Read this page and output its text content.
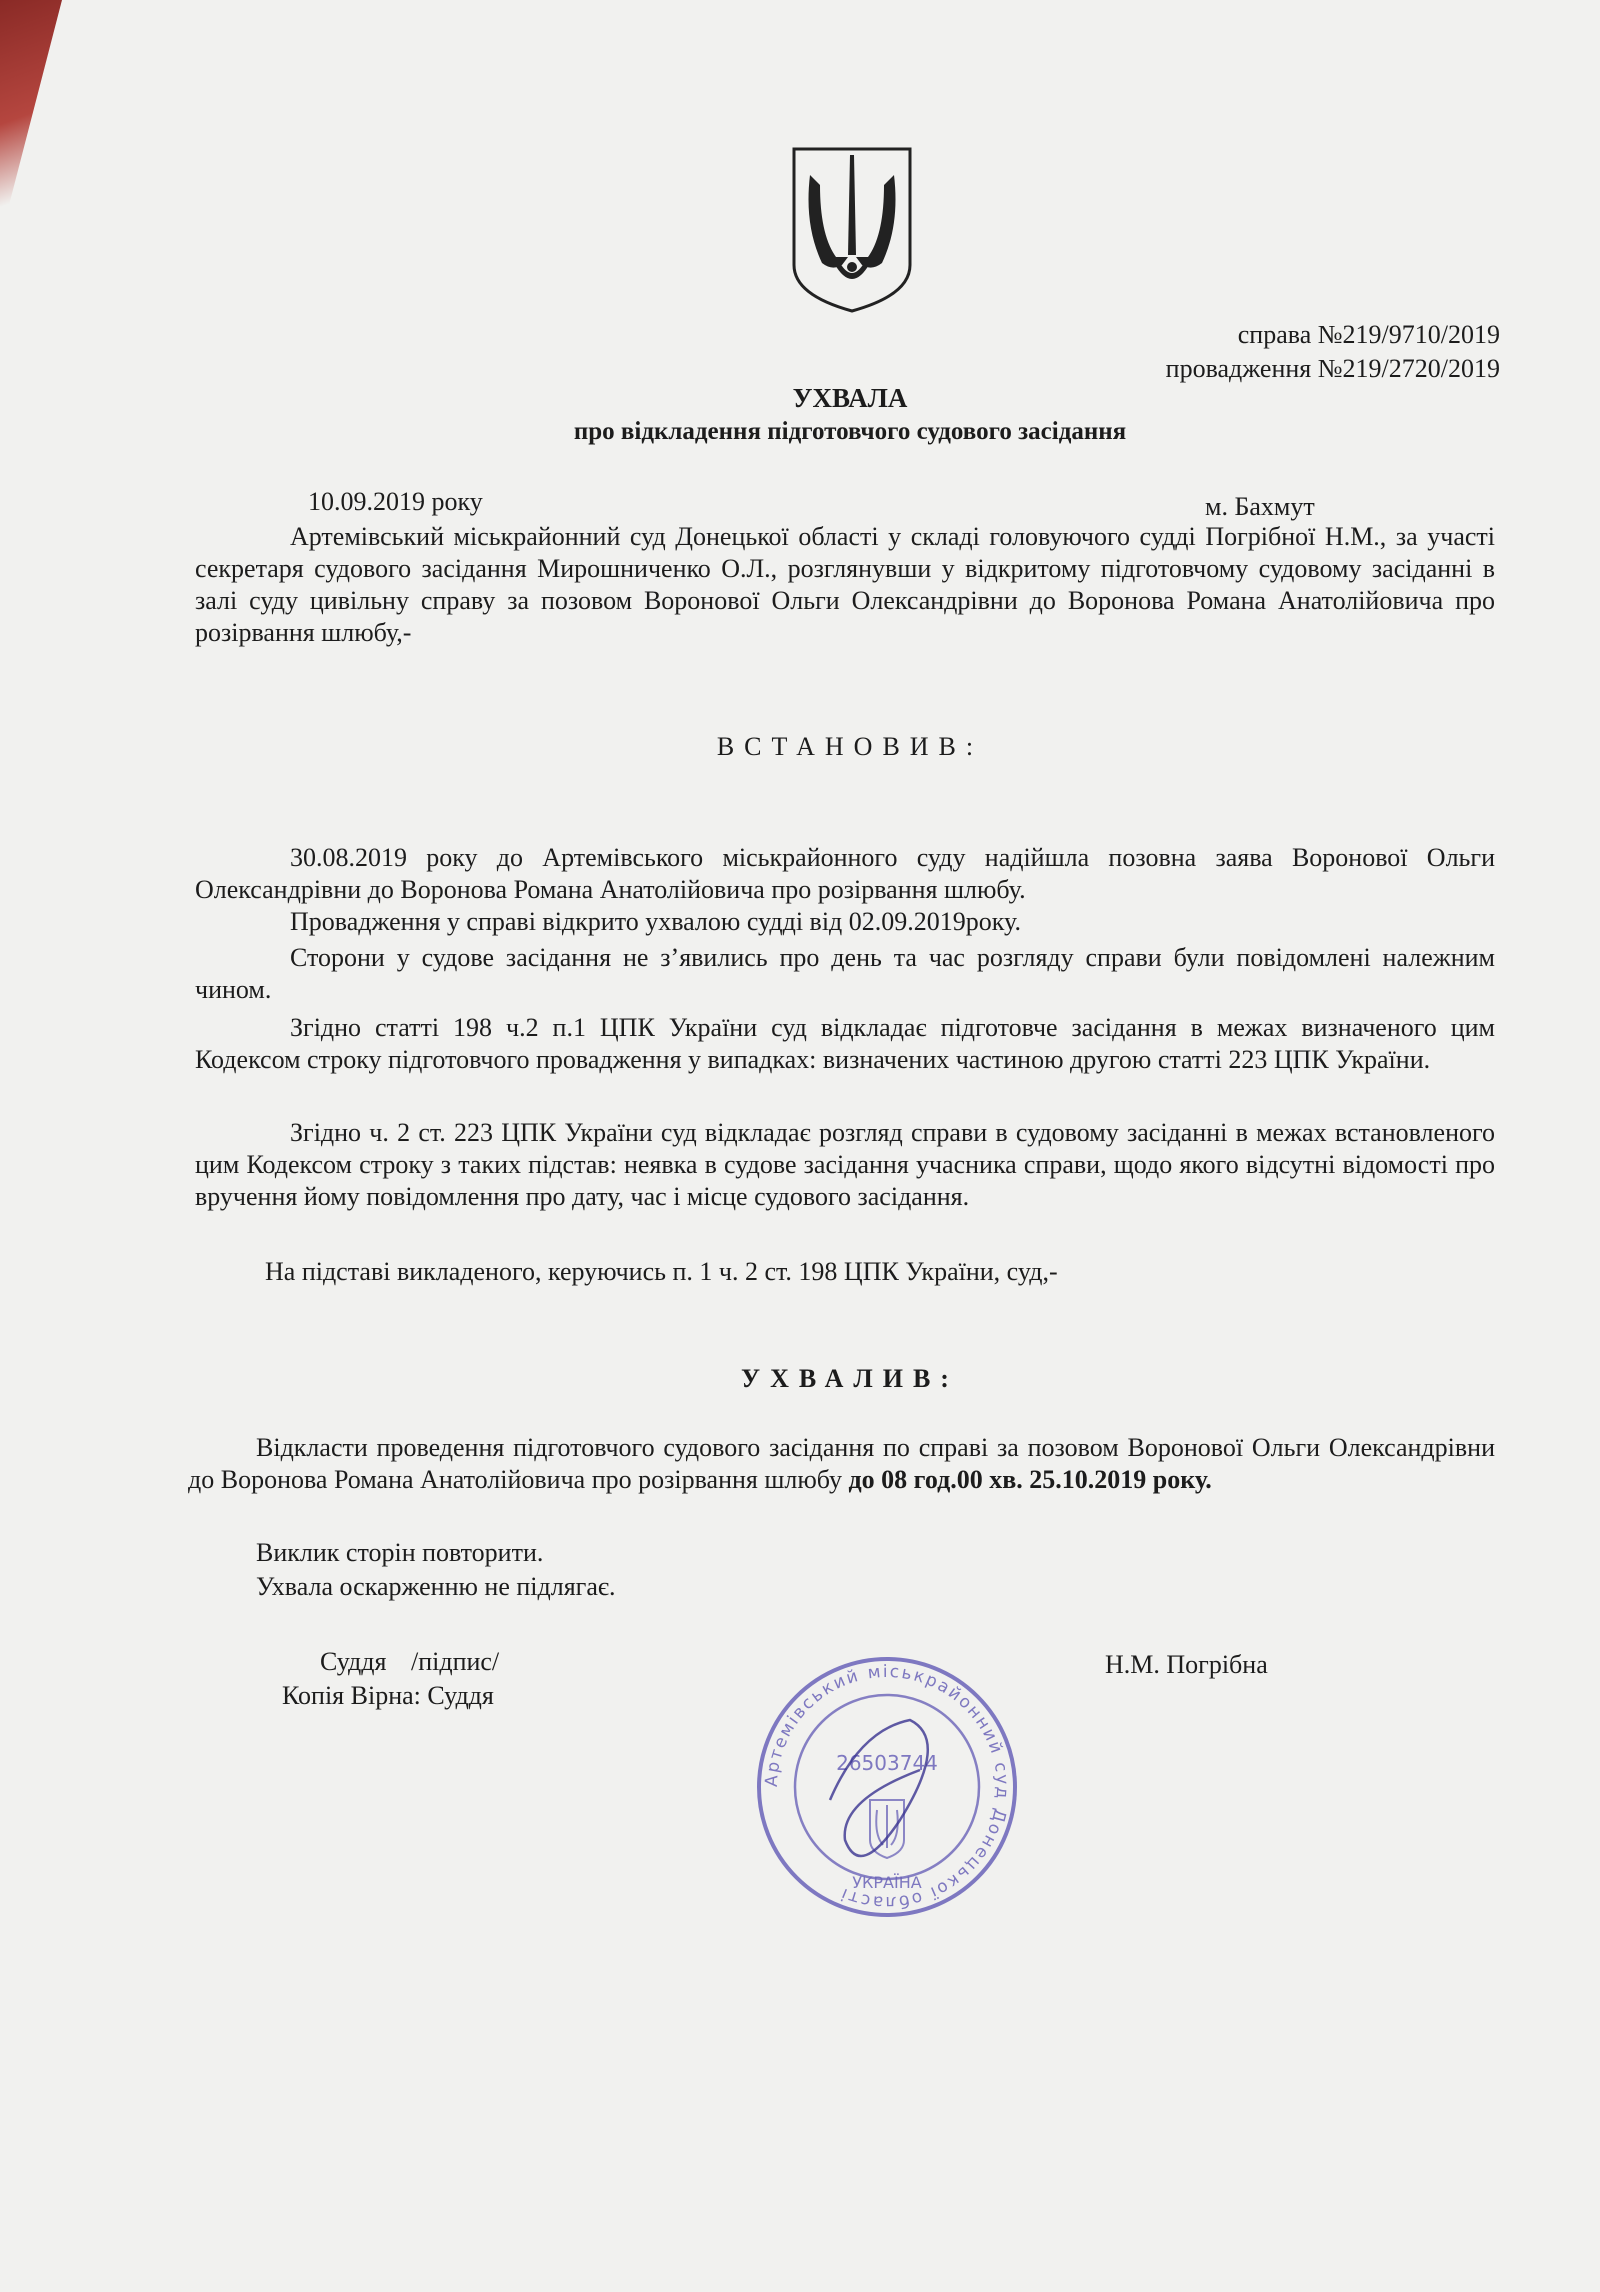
справа №219/9710/2019
провадження №219/2720/2019
УХВАЛА
про відкладення підготовчого судового засідання
10.09.2019 року	м. Бахмут
Артемівський міськрайонний суд Донецької області у складі головуючого судді Погрібної Н.М., за участі секретаря судового засідання Мирошниченко О.Л., розглянувши у відкритому підготовчому судовому засіданні в залі суду цивільну справу за позовом Воронової Ольги Олександрівни до Воронова Романа Анатолійовича про розірвання шлюбу,-
ВСТАНОВИВ:
30.08.2019 року до Артемівського міськрайонного суду надійшла позовна заява Воронової Ольги Олександрівни до Воронова Романа Анатолійовича про розірвання шлюбу.
Провадження у справі відкрито ухвалою судді від 02.09.2019року.
Сторони у судове засідання не з’явились про день та час розгляду справи були повідомлені належним чином.
Згідно статті 198 ч.2 п.1 ЦПК України суд відкладає підготовче засідання в межах визначеного цим Кодексом строку підготовчого провадження у випадках: визначених частиною другою статті 223 ЦПК України.
Згідно ч. 2 ст. 223 ЦПК України суд відкладає розгляд справи в судовому засіданні в межах встановленого цим Кодексом строку з таких підстав: неявка в судове засідання учасника справи, щодо якого відсутні відомості про вручення йому повідомлення про дату, час і місце судового засідання.
На підставі викладеного, керуючись п. 1 ч. 2 ст. 198 ЦПК України, суд,-
УХВАЛИВ:
Відкласти проведення підготовчого судового засідання по справі за позовом Воронової Ольги Олександрівни до Воронова Романа Анатолійовича про розірвання шлюбу до 08 год.00 хв. 25.10.2019 року.
Виклик сторін повторити.
Ухвала оскарженню не підлягає.
Суддя /підпис/
Копія Вірна: Суддя
Н.М. Погрібна
Артемівський міськрайонний суд Донецької області
26503744
УКРАЇНА
